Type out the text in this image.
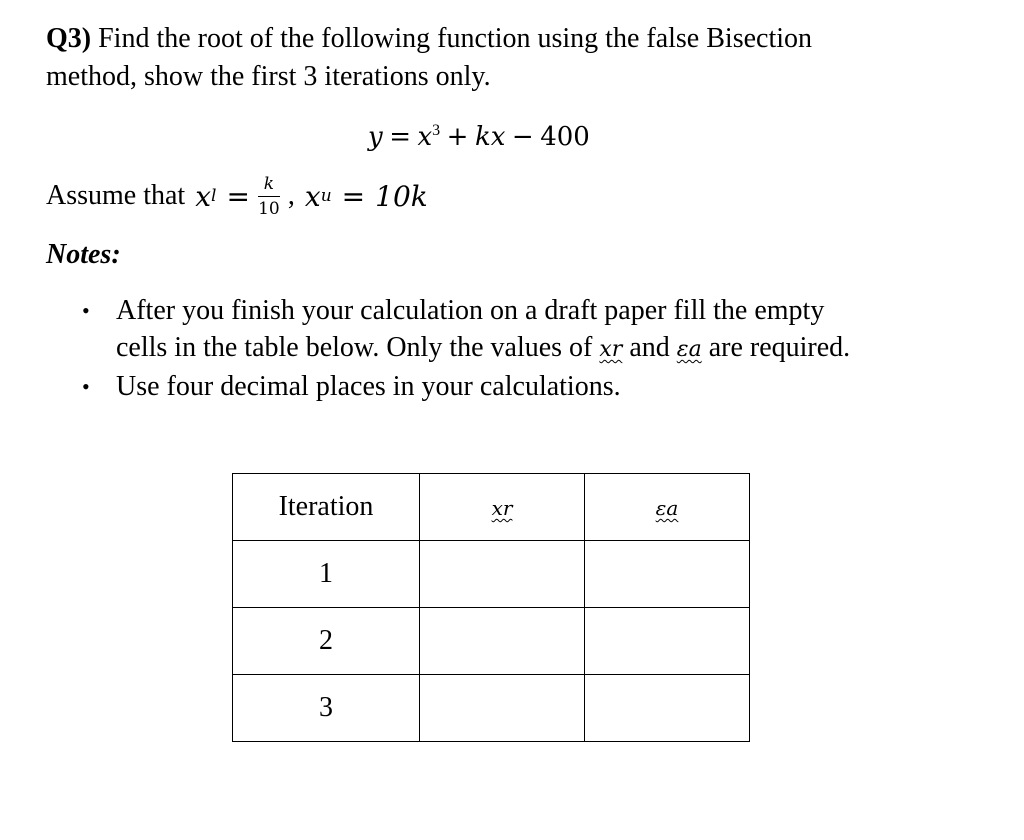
Q3) Find the root of the following function using the false Bisection
method, show the first 3 iterations only.
$y = x^3$ + kx − 400
Assume that x $l = \frac{k}{10}$ , x u = 10k
Notes:
• After you finish your calculation on a draft paper fill the empty
cells in the table below. Only the values of xr and εa are required.
• Use four decimal places in your calculations.
Iteration	xr	εa
1		
2		
3		
